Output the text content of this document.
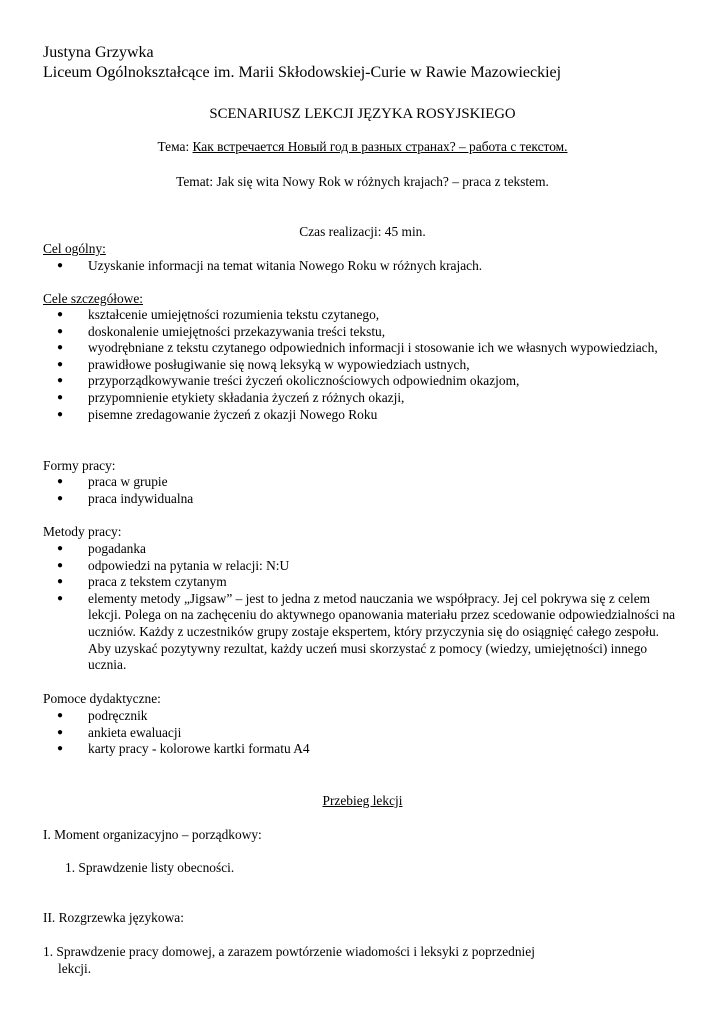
Justyna Grzywka
Liceum Ogólnokształcące im. Marii Skłodowskiej-Curie w Rawie Mazowieckiej
SCENARIUSZ LEKCJI JĘZYKA ROSYJSKIEGO
Тема: Как встречается Новый год в разных странах? – работа с текстом.
Temat: Jak się wita Nowy Rok w różnych krajach? – praca z tekstem.
Czas realizacji: 45 min.
Cel ogólny:
● Uzyskanie informacji na temat witania Nowego Roku w różnych krajach.
Cele szczegółowe:
● kształcenie umiejętności rozumienia tekstu czytanego,
● doskonalenie umiejętności przekazywania treści tekstu,
● wyodrębniane z tekstu czytanego odpowiednich informacji i stosowanie ich we własnych wypowiedziach,
● prawidłowe posługiwanie się nową leksyką w wypowiedziach ustnych,
● przyporządkowywanie treści życzeń okolicznościowych odpowiednim okazjom,
● przypomnienie etykiety składania życzeń z różnych okazji,
● pisemne zredagowanie życzeń z okazji Nowego Roku
Formy pracy:
● praca w grupie
● praca indywidualna
Metody pracy:
● pogadanka
● odpowiedzi na pytania w relacji: N:U
● praca z tekstem czytanym
● elementy metody „Jigsaw” – jest to jedna z metod nauczania we współpracy. Jej cel pokrywa się z celem lekcji. Polega on na zachęceniu do aktywnego opanowania materiału przez scedowanie odpowiedzialności na uczniów. Każdy z uczestników grupy zostaje ekspertem, który przyczynia się do osiągnięć całego zespołu. Aby uzyskać pozytywny rezultat, każdy uczeń musi skorzystać z pomocy (wiedzy, umiejętności) innego ucznia.
Pomoce dydaktyczne:
● podręcznik
● ankieta ewaluacji
● karty pracy - kolorowe kartki formatu A4
Przebieg lekcji
I. Moment organizacyjno – porządkowy:
1. Sprawdzenie listy obecności.
II. Rozgrzewka językowa:
1. Sprawdzenie pracy domowej, a zarazem powtórzenie wiadomości i leksyki z poprzedniej
lekcji.
